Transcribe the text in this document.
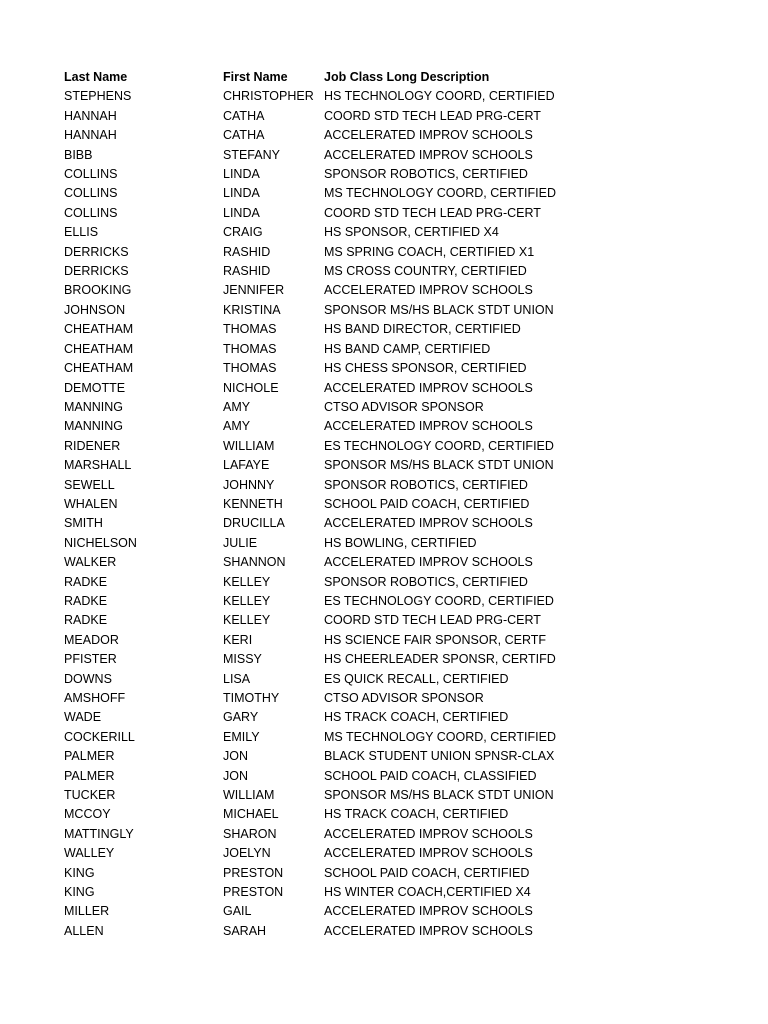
Last Name	First Name	Job Class Long Description
STEPHENS	CHRISTOPHER	HS TECHNOLOGY COORD, CERTIFIED
HANNAH	CATHA	COORD STD TECH LEAD PRG-CERT
HANNAH	CATHA	ACCELERATED IMPROV SCHOOLS
BIBB	STEFANY	ACCELERATED IMPROV SCHOOLS
COLLINS	LINDA	SPONSOR ROBOTICS, CERTIFIED
COLLINS	LINDA	MS TECHNOLOGY COORD, CERTIFIED
COLLINS	LINDA	COORD STD TECH LEAD PRG-CERT
ELLIS	CRAIG	HS SPONSOR, CERTIFIED X4
DERRICKS	RASHID	MS SPRING COACH, CERTIFIED X1
DERRICKS	RASHID	MS CROSS COUNTRY, CERTIFIED
BROOKING	JENNIFER	ACCELERATED IMPROV SCHOOLS
JOHNSON	KRISTINA	SPONSOR MS/HS BLACK STDT UNION
CHEATHAM	THOMAS	HS BAND DIRECTOR, CERTIFIED
CHEATHAM	THOMAS	HS BAND CAMP, CERTIFIED
CHEATHAM	THOMAS	HS CHESS SPONSOR, CERTIFIED
DEMOTTE	NICHOLE	ACCELERATED IMPROV SCHOOLS
MANNING	AMY	CTSO ADVISOR SPONSOR
MANNING	AMY	ACCELERATED IMPROV SCHOOLS
RIDENER	WILLIAM	ES TECHNOLOGY COORD, CERTIFIED
MARSHALL	LAFAYE	SPONSOR MS/HS BLACK STDT UNION
SEWELL	JOHNNY	SPONSOR ROBOTICS, CERTIFIED
WHALEN	KENNETH	SCHOOL PAID COACH, CERTIFIED
SMITH	DRUCILLA	ACCELERATED IMPROV SCHOOLS
NICHELSON	JULIE	HS BOWLING, CERTIFIED
WALKER	SHANNON	ACCELERATED IMPROV SCHOOLS
RADKE	KELLEY	SPONSOR ROBOTICS, CERTIFIED
RADKE	KELLEY	ES TECHNOLOGY COORD, CERTIFIED
RADKE	KELLEY	COORD STD TECH LEAD PRG-CERT
MEADOR	KERI	HS SCIENCE FAIR SPONSOR, CERTF
PFISTER	MISSY	HS CHEERLEADER SPONSR, CERTIFD
DOWNS	LISA	ES QUICK RECALL, CERTIFIED
AMSHOFF	TIMOTHY	CTSO ADVISOR SPONSOR
WADE	GARY	HS TRACK COACH, CERTIFIED
COCKERILL	EMILY	MS TECHNOLOGY COORD, CERTIFIED
PALMER	JON	BLACK STUDENT UNION SPNSR-CLAX
PALMER	JON	SCHOOL PAID COACH, CLASSIFIED
TUCKER	WILLIAM	SPONSOR MS/HS BLACK STDT UNION
MCCOY	MICHAEL	HS TRACK COACH, CERTIFIED
MATTINGLY	SHARON	ACCELERATED IMPROV SCHOOLS
WALLEY	JOELYN	ACCELERATED IMPROV SCHOOLS
KING	PRESTON	SCHOOL PAID COACH, CERTIFIED
KING	PRESTON	HS WINTER COACH,CERTIFIED X4
MILLER	GAIL	ACCELERATED IMPROV SCHOOLS
ALLEN	SARAH	ACCELERATED IMPROV SCHOOLS
